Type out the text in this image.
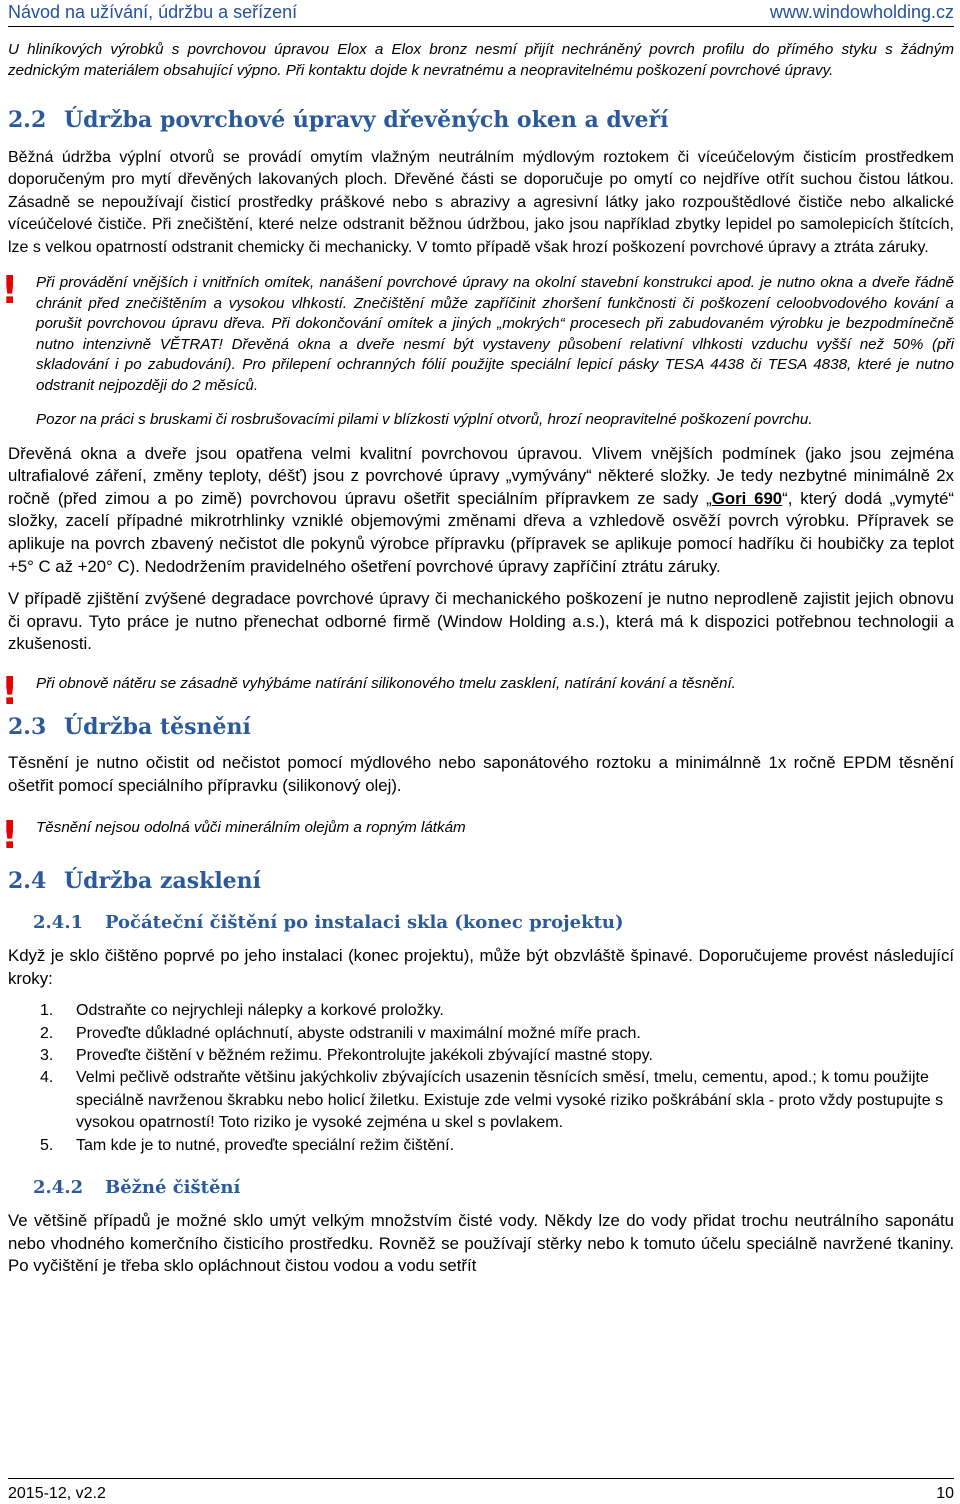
Návod na užívání, údržbu a seřízení	www.windowholding.cz

U hliníkových výrobků s povrchovou úpravou Elox a Elox bronz nesmí přijít nechráněný povrch profilu do přímého styku s žádným zednickým materiálem obsahující výpno. Při kontaktu dojde k nevratnému a neopravitelnému poškození povrchové úpravy.

2.2 Údržba povrchové úpravy dřevěných oken a dveří

Běžná údržba výplní otvorů se provádí omytím vlažným neutrálním mýdlovým roztokem či víceúčelovým čisticím prostředkem doporučeným pro mytí dřevěných lakovaných ploch. Dřevěné části se doporučuje po omytí co nejdříve otřít suchou čistou látkou. Zásadně se nepoužívají čisticí prostředky práškové nebo s abrazivy a agresivní látky jako rozpouštědlové čističe nebo alkalické víceúčelové čističe. Při znečištění, které nelze odstranit běžnou údržbou, jako jsou například zbytky lepidel po samolepicích štítcích, lze s velkou opatrností odstranit chemicky či mechanicky. V tomto případě však hrozí poškození povrchové úpravy a ztráta záruky.

! Při provádění vnějších i vnitřních omítek, nanášení povrchové úpravy na okolní stavební konstrukci apod. je nutno okna a dveře řádně chránit před znečištěním a vysokou vlhkostí. Znečištění může zapříčinit zhoršení funkčnosti či poškození celoobvodového kování a porušit povrchovou úpravu dřeva. Při dokončování omítek a jiných „mokrých“ procesech při zabudovaném výrobku je bezpodmínečně nutno intenzivně VĚTRAT! Dřevěná okna a dveře nesmí být vystaveny působení relativní vlhkosti vzduchu vyšší než 50% (při skladování i po zabudování). Pro přilepení ochranných fólií použijte speciální lepicí pásky TESA 4438 či TESA 4838, které je nutno odstranit nejpozději do 2 měsíců.

Pozor na práci s bruskami či rosbrušovacími pilami v blízkosti výplní otvorů, hrozí neopravitelné poškození povrchu.

Dřevěná okna a dveře jsou opatřena velmi kvalitní povrchovou úpravou. Vlivem vnějších podmínek (jako jsou zejména ultrafialové záření, změny teploty, déšť) jsou z povrchové úpravy „vymývány“ některé složky. Je tedy nezbytné minimálně 2x ročně (před zimou a po zimě) povrchovou úpravu ošetřit speciálním přípravkem ze sady „Gori 690“, který dodá „vymyté“ složky, zacelí případné mikrotrhlinky vzniklé objemovými změnami dřeva a vzhledově osvěží povrch výrobku. Přípravek se aplikuje na povrch zbavený nečistot dle pokynů výrobce přípravku (přípravek se aplikuje pomocí hadříku či houbičky za teplot +5° C až +20° C). Nedodržením pravidelného ošetření povrchové úpravy zapříčiní ztrátu záruky.

V případě zjištění zvýšené degradace povrchové úpravy či mechanického poškození je nutno neprodleně zajistit jejich obnovu či opravu. Tyto práce je nutno přenechat odborné firmě (Window Holding a.s.), která má k dispozici potřebnou technologii a zkušenosti.

! Při obnově nátěru se zásadně vyhýbáme natírání silikonového tmelu zasklení, natírání kování a těsnění.

2.3 Údržba těsnění

Těsnění je nutno očistit od nečistot pomocí mýdlového nebo saponátového roztoku a minimálnně 1x ročně EPDM těsnění ošetřit pomocí speciálního přípravku (silikonový olej).

! Těsnění nejsou odolná vůči minerálním olejům a ropným látkám

2.4 Údržba zasklení
2.4.1	Počáteční čištění po instalaci skla (konec projektu)

Když je sklo čištěno poprvé po jeho instalaci (konec projektu), může být obzvláště špinavé. Doporučujeme provést následující kroky:

1. Odstraňte co nejrychleji nálepky a korkové proložky.
2. Proveďte důkladné opláchnutí, abyste odstranili v maximální možné míře prach.
3. Proveďte čištění v běžném režimu. Překontrolujte jakékoli zbývající mastné stopy.
4. Velmi pečlivě odstraňte většinu jakýchkoliv zbývajících usazenin těsnících směsí, tmelu, cementu, apod.; k tomu použijte speciálně navrženou škrabku nebo holicí žiletku. Existuje zde velmi vysoké riziko poškrábání skla - proto vždy postupujte s vysokou opatrností! Toto riziko je vysoké zejména u skel s povlakem.
5. Tam kde je to nutné, proveďte speciální režim čištění.
2.4.2	Běžné čištění

Ve většině případů je možné sklo umýt velkým množstvím čisté vody. Někdy lze do vody přidat trochu neutrálního saponátu nebo vhodného komerčního čisticího prostředku. Rovněž se používají stěrky nebo k tomuto účelu speciálně navržené tkaniny. Po vyčištění je třeba sklo opláchnout čistou vodou a vodu setřít

2015-12, v2.2	10
